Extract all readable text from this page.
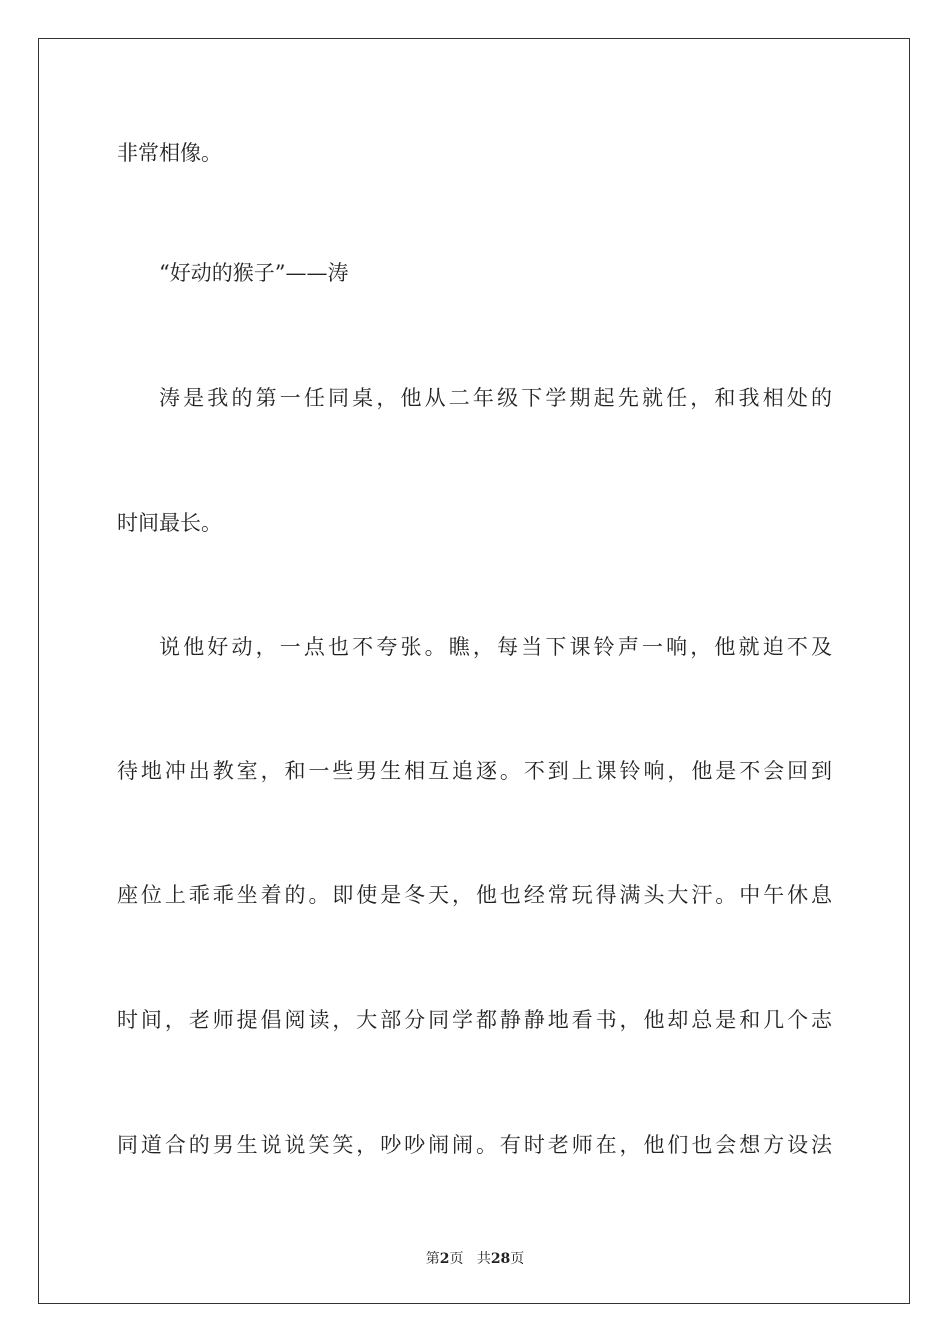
非常相像。
“好动的猴子”——涛
涛是我的第一任同桌，他从二年级下学期起先就任，和我相处的
时间最长。
说他好动，一点也不夸张。瞧，每当下课铃声一响，他就迫不及
待地冲出教室，和一些男生相互追逐。不到上课铃响，他是不会回到
座位上乖乖坐着的。即使是冬天，他也经常玩得满头大汗。中午休息
时间，老师提倡阅读，大部分同学都静静地看书，他却总是和几个志
同道合的男生说说笑笑，吵吵闹闹。有时老师在，他们也会想方设法
第2页 共28页
